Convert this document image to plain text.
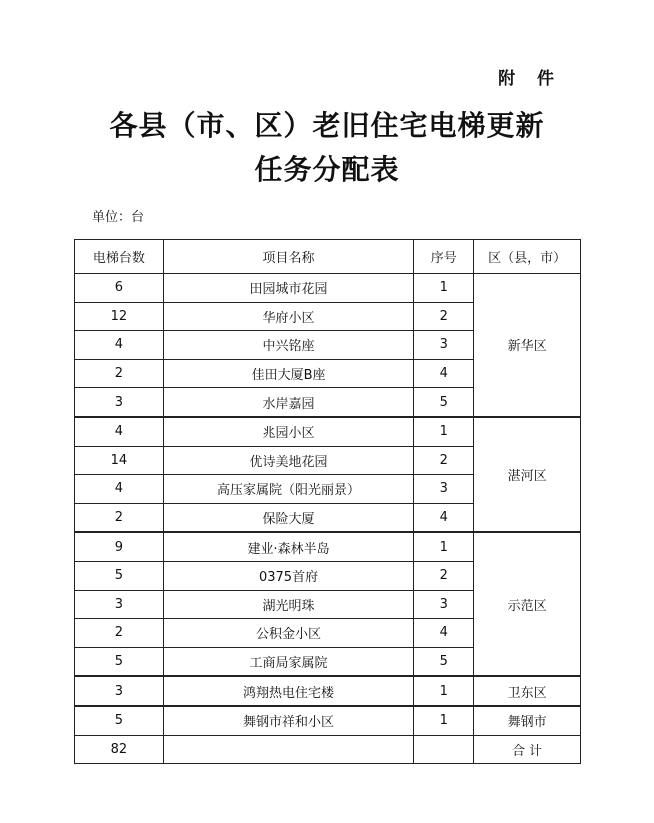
附 件
各县（市、区）老旧住宅电梯更新
任务分配表
单位：台
电梯台数	项目名称	序号	区（县，市）
6	田园城市花园	1	新华区
12	华府小区	2	
4	中兴铭座	3	
2	佳田大厦B座	4	
3	水岸嘉园	5	
4	兆园小区	1	湛河区
14	优诗美地花园	2	
4	高压家属院（阳光丽景）	3	
2	保险大厦	4	
9	建业·森林半岛	1	示范区
5	0375首府	2	
3	湖光明珠	3	
2	公积金小区	4	
5	工商局家属院	5	
3	鸿翔热电住宅楼	1	卫东区
5	舞钢市祥和小区	1	舞钢市
82			合 计
